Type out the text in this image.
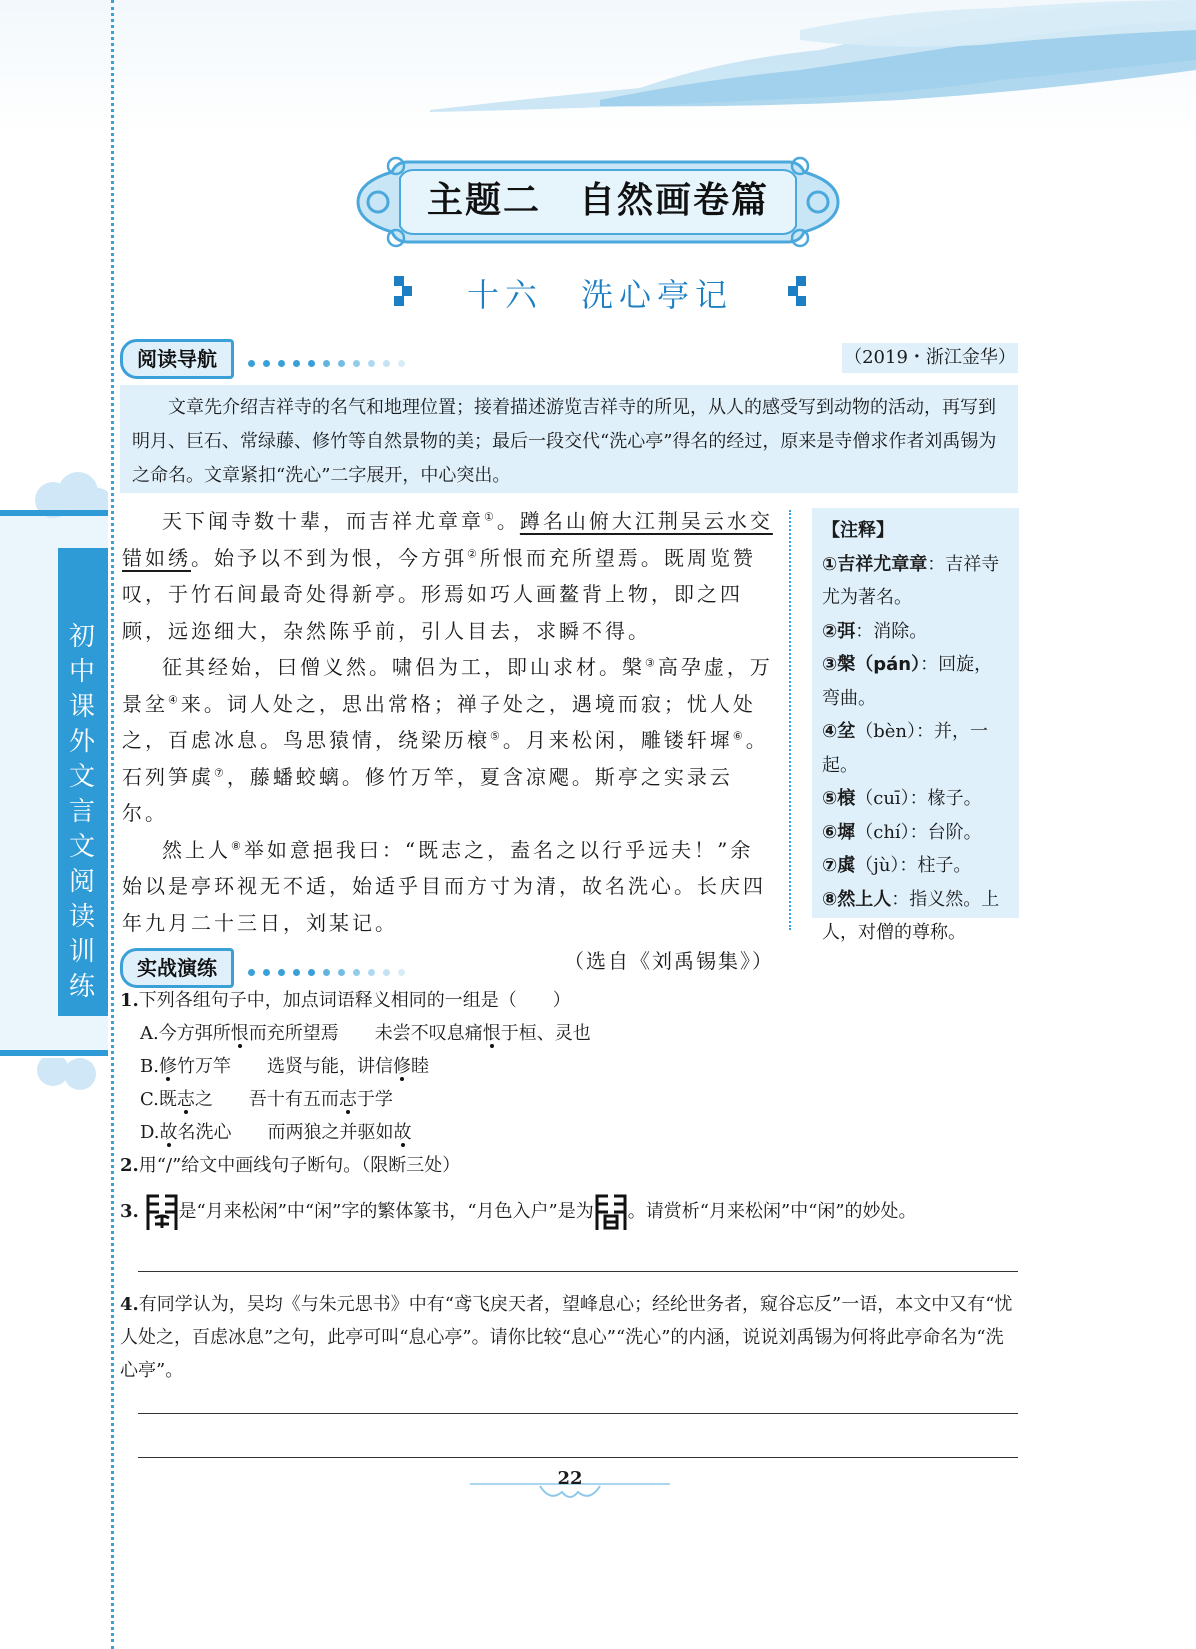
初中课外文言文阅读训练
主题二　自然画卷篇
十六　洗心亭记
阅读导航	（2019・浙江金华）

文章先介绍吉祥寺的名气和地理位置；接着描述游览吉祥寺的所见，从人的感受写到动物的活动，再写到明月、巨石、常绿藤、修竹等自然景物的美；最后一段交代“洗心亭”得名的经过，原来是寺僧求作者刘禹锡为之命名。文章紧扣“洗心”二字展开，中心突出。

天下闻寺数十辈，而吉祥尤章章①。蹲名山俯大江荆吴云水交错如绣。始予以不到为恨，今方弭②所恨而充所望焉。既周览赞叹，于竹石间最奇处得新亭。形焉如巧人画鳌背上物，即之四顾，远迩细大，杂然陈乎前，引人目去，求瞬不得。

征其经始，曰僧义然。啸侣为工，即山求材。槃③高孕虚，万景坌④来。词人处之，思出常格；禅子处之，遇境而寂；忧人处之，百虑冰息。鸟思猿情，绕梁历榱⑤。月来松闲，雕镂轩墀⑥。石列笋虡⑦，藤蟠蛟螭。修竹万竿，夏含凉飔。斯亭之实录云尔。

然上人⑧举如意挹我曰：“既志之，盍名之以行乎远夫！”余始以是亭环视无不适，始适乎目而方寸为清，故名洗心。长庆四年九月二十三日，刘某记。

（选自《刘禹锡集》）
【注释】
①吉祥尤章章：吉祥寺尤为著名。
②弭：消除。
③槃（pán）：回旋，弯曲。
④坌（bèn）：并，一起。
⑤榱（cuī）：椽子。
⑥墀（chí）：台阶。
⑦虡（jù）：柱子。
⑧然上人：指义然。上人，对僧的尊称。
实战演练
1.下列各组句子中，加点词语释义相同的一组是（　　）
A.今方弭所恨而充所望焉　　 未尝不叹息痛恨于桓、灵也
B.修竹万竿　　 选贤与能，讲信修睦
C.既志之　　 吾十有五而志于学
D.故名洗心　　 而两狼之并驱如故
2.用“/”给文中画线句子断句。（限断三处）
3. 是“月来松闲”中“闲”字的繁体篆书，“月色入户”是为 。请赏析“月来松闲”中“闲”的妙处。
4.有同学认为，吴均《与朱元思书》中有“鸢飞戾天者，望峰息心；经纶世务者，窥谷忘反”一语，本文中又有“忧人处之，百虑冰息”之句，此亭可叫“息心亭”。请你比较“息心”“洗心”的内涵，说说刘禹锡为何将此亭命名为“洗心亭”。
22
